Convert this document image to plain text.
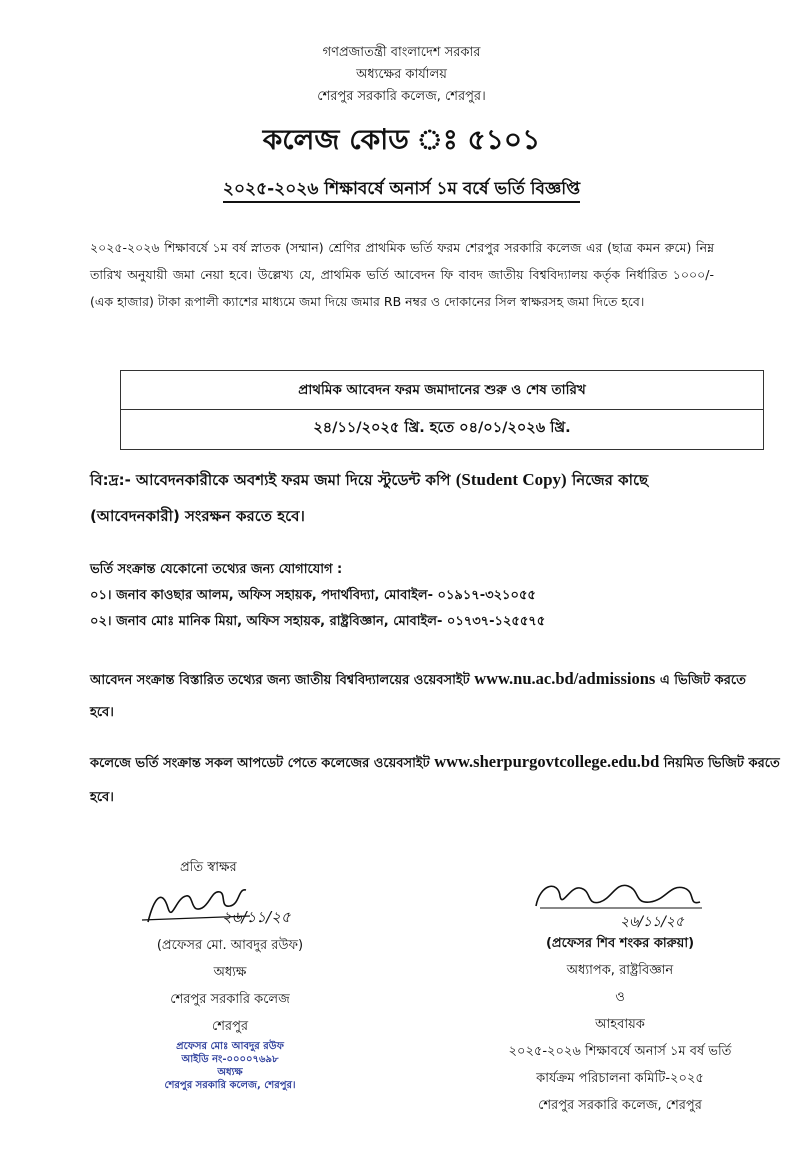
গণপ্রজাতন্ত্রী বাংলাদেশ সরকার
অধ্যক্ষের কার্যালয়
শেরপুর সরকারি কলেজ, শেরপুর।
কলেজ কোড ঃ ৫১০১
২০২৫-২০২৬ শিক্ষাবর্ষে অনার্স ১ম বর্ষে ভর্তি বিজ্ঞপ্তি
২০২৫-২০২৬ শিক্ষাবর্ষে ১ম বর্ষ স্নাতক (সম্মান) শ্রেণির প্রাথমিক ভর্তি ফরম শেরপুর সরকারি কলেজ এর (ছাত্র কমন রুমে) নিম্ন তারিখ অনুযায়ী জমা নেয়া হবে। উল্লেখ্য যে, প্রাথমিক ভর্তি আবেদন ফি বাবদ জাতীয় বিশ্ববিদ্যালয় কর্তৃক নির্ধারিত ১০০০/- (এক হাজার) টাকা রূপালী ক্যাশের মাধ্যমে জমা দিয়ে জমার RB নম্বর ও দোকানের সিল স্বাক্ষরসহ জমা দিতে হবে।
প্রাথমিক আবেদন ফরম জমাদানের শুরু ও শেষ তারিখ
২৪/১১/২০২৫ খ্রি. হতে ০৪/০১/২০২৬ খ্রি.
বি:দ্র:- আবেদনকারীকে অবশ্যই ফরম জমা দিয়ে স্টুডেন্ট কপি (Student Copy) নিজের কাছে (আবেদনকারী) সংরক্ষন করতে হবে।
ভর্তি সংক্রান্ত যেকোনো তথ্যের জন্য যোগাযোগ :
০১। জনাব কাওছার আলম, অফিস সহায়ক, পদার্থবিদ্যা, মোবাইল- ০১৯১৭-৩২১০৫৫
০২। জনাব মোঃ মানিক মিয়া, অফিস সহায়ক, রাষ্ট্রবিজ্ঞান, মোবাইল- ০১৭৩৭-১২৫৫৭৫
আবেদন সংক্রান্ত বিস্তারিত তথ্যের জন্য জাতীয় বিশ্ববিদ্যালয়ের ওয়েবসাইট www.nu.ac.bd/admissions এ ভিজিট করতে হবে।
কলেজে ভর্তি সংক্রান্ত সকল আপডেট পেতে কলেজের ওয়েবসাইট www.sherpurgovtcollege.edu.bd নিয়মিত ভিজিট করতে হবে।
প্রতি স্বাক্ষর
২৬/১১/২৫
(প্রফেসর মো. আবদুর রউফ)
অধ্যক্ষ
শেরপুর সরকারি কলেজ
শেরপুর
প্রফেসর মোঃ আবদুর রউফ
আইডি নং-০০০০৭৬৯৮
অধ্যক্ষ
শেরপুর সরকারি কলেজ, শেরপুর।
২৬/১১/২৫
(প্রফেসর শিব শংকর কারুয়া)
অধ্যাপক, রাষ্ট্রবিজ্ঞান
ও
আহবায়ক
২০২৫-২০২৬ শিক্ষাবর্ষে অনার্স ১ম বর্ষ ভর্তি
কার্যক্রম পরিচালনা কমিটি-২০২৫
শেরপুর সরকারি কলেজ, শেরপুর
